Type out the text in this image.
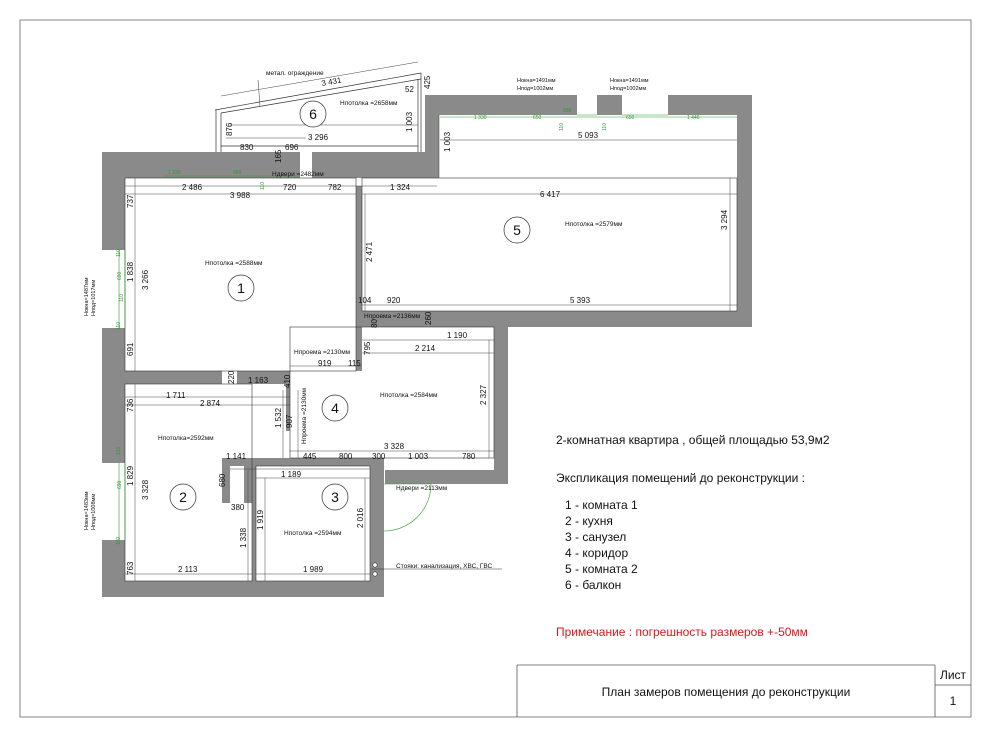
метал. ограждение
3 431	425
52
3 296
876	1 003
830	696
165
1 003	5 093
2 486	720	782	1 324
3 988	6 417
737
1 838 3 266
691
2 471
3 294
104 920	5 393
80	260
1 190
795	2 214
919 115
220 1 163 410
736
1 711
2 874
1 532 907
2 327
3 328
1 829
3 328
1 141	445	800 300	1 003	780
680	1 189
380
1 919
1 338
2 016
763	2 113	1 989
1 330	650
650	650	1 446
1 330
110
650
110
110
110
690
690
110
130
110
110
Нпотолка =2588мм
Нпотолка=2592мм
Нпотолка =2594мм
Нпотолка =2584мм
Нпотолка =2579мм
Нпотолка =2658мм
Ндвери =2482мм
Ндвери =2113мм
Нпроема =2136мм
Нпроема =2130мм
Нпроема =2130мм
Стояки: канализация, ХВС, ГВС
Нокна=1491мм
Нпод=1002мм
Нокна=1491мм
Нпод=1002мм
Нокна=1487мм Нпод=1017мм
Нокна=1483мм Нпод=1008мм
1
2	3
4
5
6
2-комнатная квартира , общей площадью 53,9м2
Экспликация помещений до реконструкции :
1 - комната 1
2 - кухня
3 - санузел
4 - коридор
5 - комната 2
6 - балкон
Примечание : погрешность размеров +-50мм
План замеров помещения до реконструкции
Лист
1
